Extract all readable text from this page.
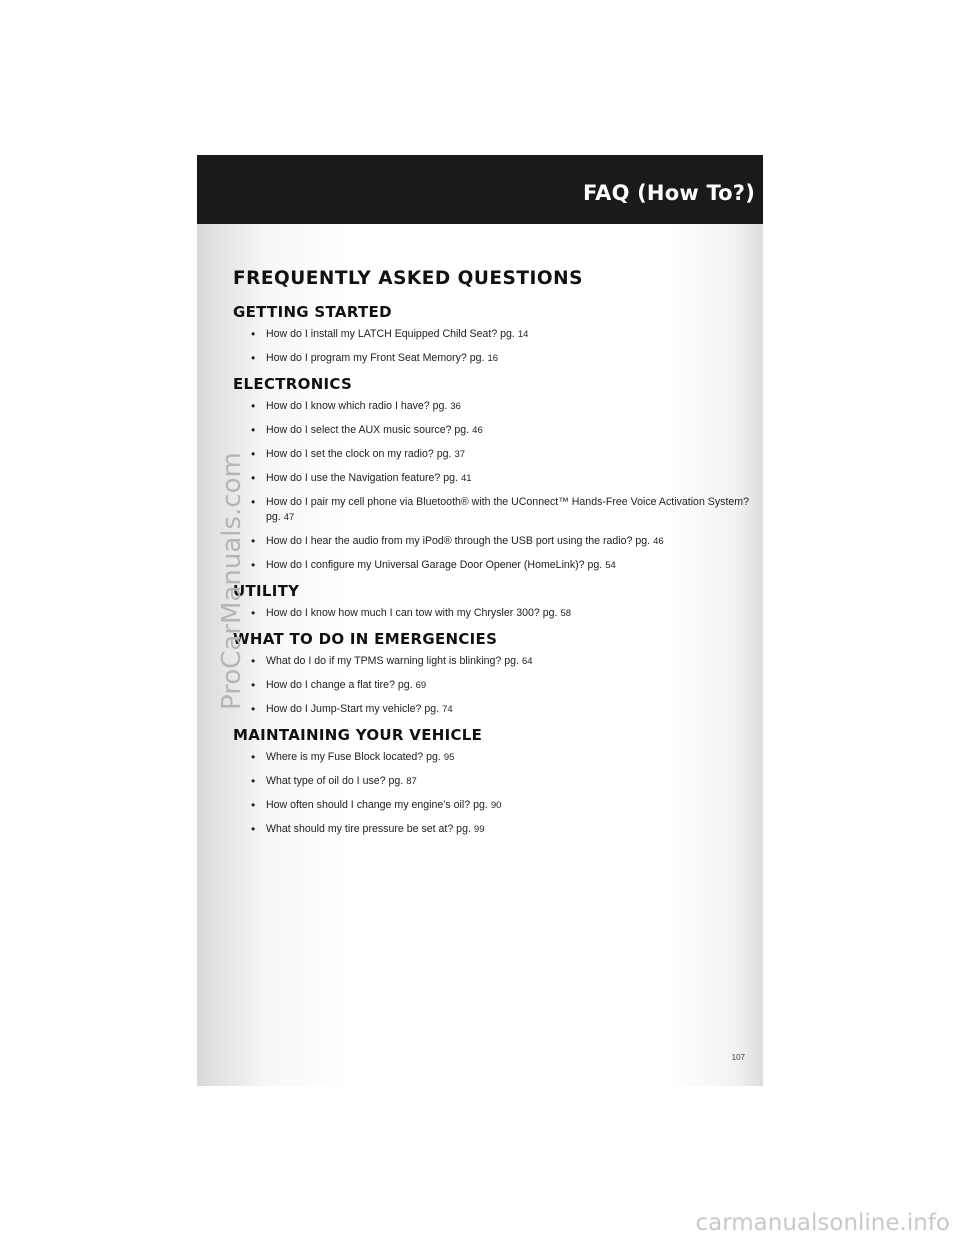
FAQ (How To?)
FREQUENTLY ASKED QUESTIONS
GETTING STARTED
• How do I install my LATCH Equipped Child Seat? pg. 14
• How do I program my Front Seat Memory? pg. 16
ELECTRONICS
• How do I know which radio I have? pg. 36
• How do I select the AUX music source? pg. 46
• How do I set the clock on my radio? pg. 37
• How do I use the Navigation feature? pg. 41
• How do I pair my cell phone via Bluetooth® with the UConnect™ Hands-Free Voice Activation System? pg. 47
• How do I hear the audio from my iPod® through the USB port using the radio? pg. 46
• How do I configure my Universal Garage Door Opener (HomeLink)? pg. 54
UTILITY
• How do I know how much I can tow with my Chrysler 300? pg. 58
WHAT TO DO IN EMERGENCIES
• What do I do if my TPMS warning light is blinking? pg. 64
• How do I change a flat tire? pg. 69
• How do I Jump-Start my vehicle? pg. 74
MAINTAINING YOUR VEHICLE
• Where is my Fuse Block located? pg. 95
• What type of oil do I use? pg. 87
• How often should I change my engine’s oil? pg. 90
• What should my tire pressure be set at? pg. 99
107
ProCarManuals.com
carmanualsonline.info
